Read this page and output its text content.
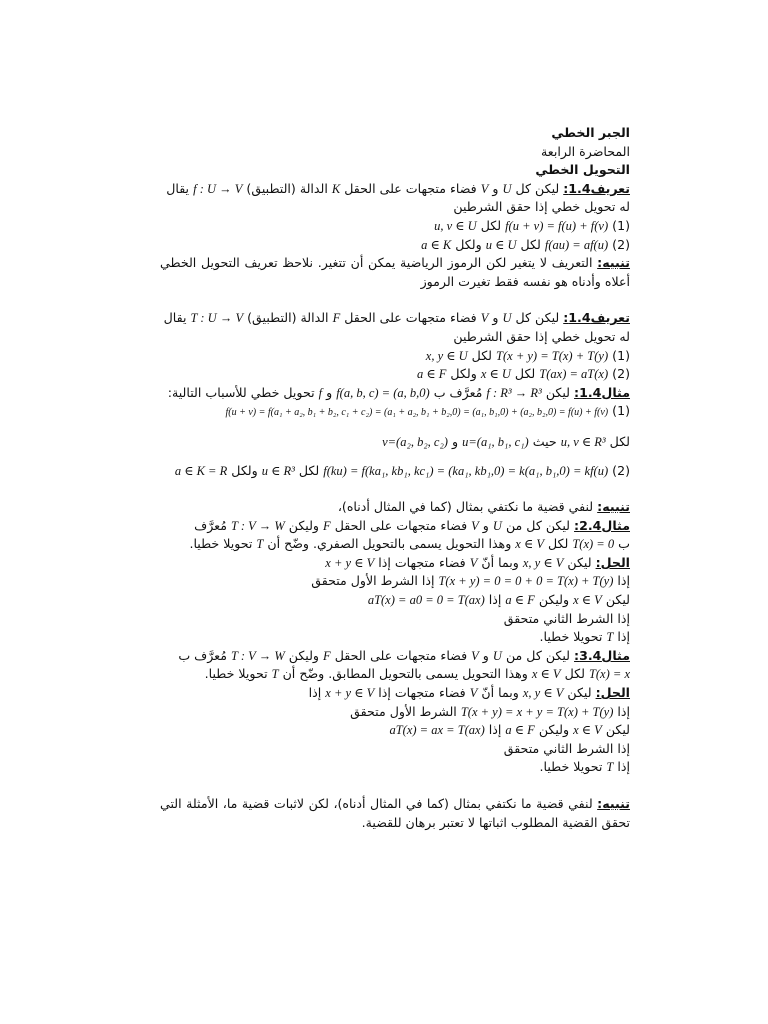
الجبر الخطي
المحاضرة الرابعة
التحويل الخطي
تعريف1.4: ليكن كل U و V فضاء متجهات على الحقل K الدالة (التطبيق) f : U → V يقال
له تحويل خطي إذا حقق الشرطين
(1) f(u + v) = f(u) + f(v) لكل u, v ∈ U
(2) f(au) = af(u) لكل u ∈ U ولكل a ∈ K
تنبيه: التعريف لا يتغير لكن الرموز الرياضية يمكن أن تتغير. نلاحظ تعريف التحويل الخطي أعلاه وأدناه هو نفسه فقط تغيرت الرموز
تعريف1.4: ليكن كل U و V فضاء متجهات على الحقل F الدالة (التطبيق) T : U → V يقال
له تحويل خطي إذا حقق الشرطين
(1) T(x + y) = T(x) + T(y) لكل x, y ∈ U
(2) T(ax) = aT(x) لكل x ∈ U ولكل a ∈ F
مثال1.4: ليكن f : R³ → R³ مُعرَّف ب f(a, b, c) = (a, b,0) و f تحويل خطي للأسباب التالية:
(1) f(u + v) = f(a₁ + a₂, b₁ + b₂, c₁ + c₂) = (a₁ + a₂, b₁ + b₂,0) = (a₁, b₁,0) + (a₂, b₂,0) = f(u) + f(v)
لكل u, v ∈ R³ حيث u=(a₁, b₁, c₁) و v=(a₂, b₂, c₂)
(2) f(ku) = f(ka₁, kb₁, kc₁) = (ka₁, kb₁,0) = k(a₁, b₁,0) = kf(u) لكل u ∈ R³ ولكل a ∈ K = R
تنبيه: لنفي قضية ما نكتفي بمثال (كما في المثال أدناه)،
مثال2.4: ليكن كل من U و V فضاء متجهات على الحقل F وليكن T : V → W مُعرَّف
ب T(x) = 0 لكل x ∈ V وهذا التحويل يسمى بالتحويل الصفري. وضّح أن T تحويلا خطيا.
الحل: ليكن x, y ∈ V وبما أنّ V فضاء متجهات إذا x + y ∈ V
إذا T(x + y) = 0 = 0 + 0 = T(x) + T(y) إذا الشرط الأول متحقق
ليكن x ∈ V وليكن a ∈ F إذا aT(x) = a0 = 0 = T(ax)
إذا الشرط الثاني متحقق
إذا T تحويلا خطيا.
مثال3.4: ليكن كل من U و V فضاء متجهات على الحقل F وليكن T : V → W مُعرَّف ب
T(x) = x لكل x ∈ V وهذا التحويل يسمى بالتحويل المطابق. وضّح أن T تحويلا خطيا.
الحل: ليكن x, y ∈ V وبما أنّ V فضاء متجهات إذا x + y ∈ V إذا
إذا T(x + y) = x + y = T(x) + T(y) الشرط الأول متحقق
ليكن x ∈ V وليكن a ∈ F إذا aT(x) = ax = T(ax)
إذا الشرط الثاني متحقق
إذا T تحويلا خطيا.
تنبيه: لنفي قضية ما نكتفي بمثال (كما في المثال أدناه)، لكن لاثبات قضية ما، الأمثلة التي تحقق القضية المطلوب اثباتها لا تعتبر برهان للقضية.
